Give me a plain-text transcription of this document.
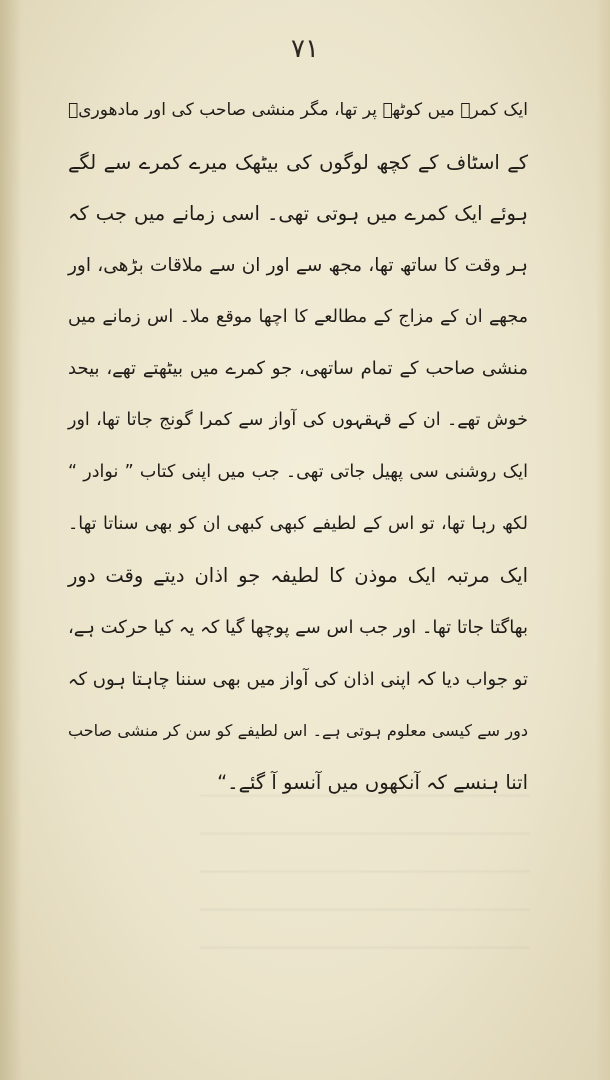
۷۱
ایک کمرے میں کوٹھے پر تھا، مگر منشی صاحب کی اور مادھوریؔ
کے اسٹاف کے کچھ لوگوں کی بیٹھک میرے کمرے سے لگے
ہوئے ایک کمرے میں ہوتی تھی۔ اسی زمانے میں جب کہ
ہر وقت کا ساتھ تھا، مجھ سے اور ان سے ملاقات بڑھی، اور
مجھے ان کے مزاج کے مطالعے کا اچھا موقع ملا۔ اس زمانے میں
منشی صاحب کے تمام ساتھی، جو کمرے میں بیٹھتے تھے، بیحد
خوش تھے۔ ان کے قہقہوں کی آواز سے کمرا گونج جاتا تھا، اور
ایک روشنی سی پھیل جاتی تھی۔ جب میں اپنی کتاب ” نوادر “
لکھ رہا تھا، تو اس کے لطیفے کبھی کبھی ان کو بھی سناتا تھا۔
ایک مرتبہ ایک موذن کا لطیفہ جو اذان دیتے وقت دور
بھاگتا جاتا تھا۔ اور جب اس سے پوچھا گیا کہ یہ کیا حرکت ہے،
تو جواب دیا کہ اپنی اذان کی آواز میں بھی سننا چاہتا ہوں کہ
دور سے کیسی معلوم ہوتی ہے۔ اس لطیفے کو سن کر منشی صاحب
اتنا ہنسے کہ آنکھوں میں آنسو آ گئے۔“
